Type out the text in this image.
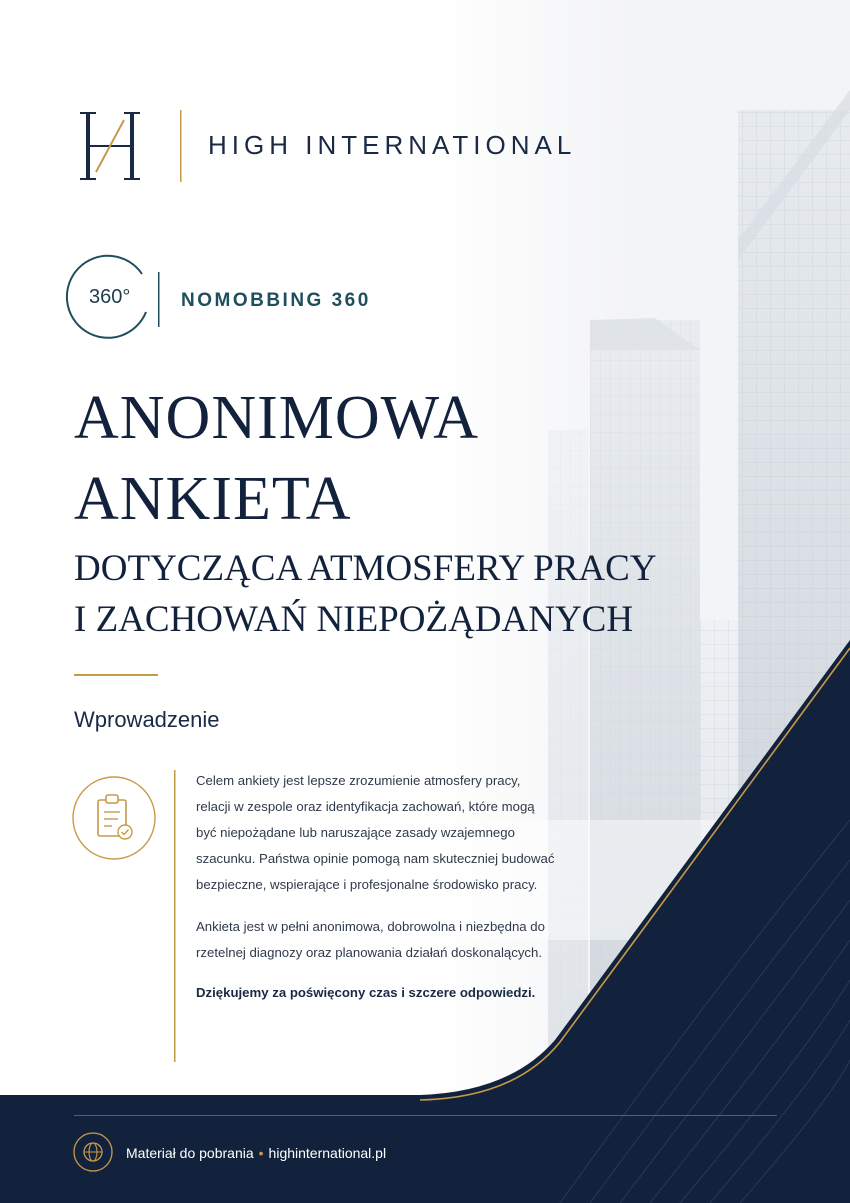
HIGH INTERNATIONAL
360°	NOMOBBING 360
ANONIMOWA
ANKIETA
DOTYCZĄCA ATMOSFERY PRACY
I ZACHOWAŃ NIEPOŻĄDANYCH
Wprowadzenie

Celem ankiety jest lepsze zrozumienie atmosfery pracy, relacji w zespole oraz identyfikacja zachowań, które mogą być niepożądane lub naruszające zasady wzajemnego szacunku. Państwa opinie pomogą nam skuteczniej budować bezpieczne, wspierające i profesjonalne środowisko pracy.

Ankieta jest w pełni anonimowa, dobrowolna i niezbędna do rzetelnej diagnozy oraz planowania działań doskonalących.

Dziękujemy za poświęcony czas i szczere odpowiedzi.

Materiał do pobrania • highinternational.pl
